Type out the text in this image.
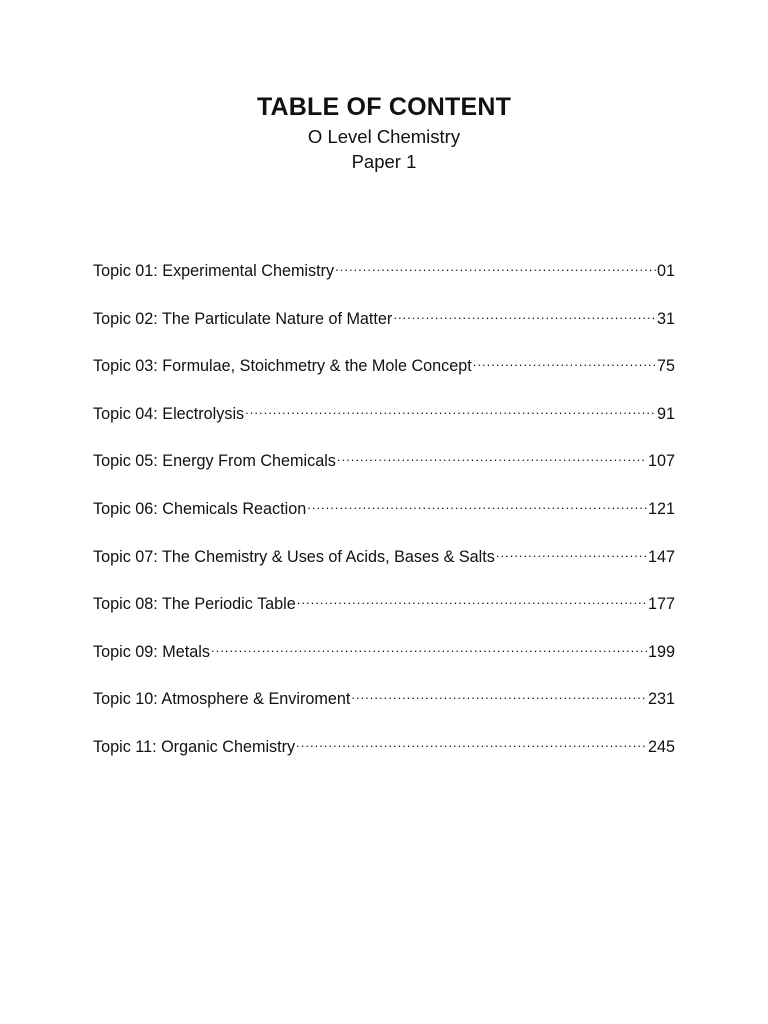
TABLE OF CONTENT

O Level Chemistry

Paper 1

Topic 01: Experimental Chemistry .....	01
Topic 02: The Particulate Nature of Matter .....	31
Topic 03: Formulae, Stoichmetry & the Mole Concept .....	75
Topic 04: Electrolysis .....	91
Topic 05: Energy From Chemicals .....	107
Topic 06: Chemicals Reaction .....	121
Topic 07: The Chemistry & Uses of Acids, Bases & Salts .....	147
Topic 08: The Periodic Table .....	177
Topic 09: Metals .....	199
Topic 10: Atmosphere & Enviroment .....	231
Topic 11: Organic Chemistry .....	245
